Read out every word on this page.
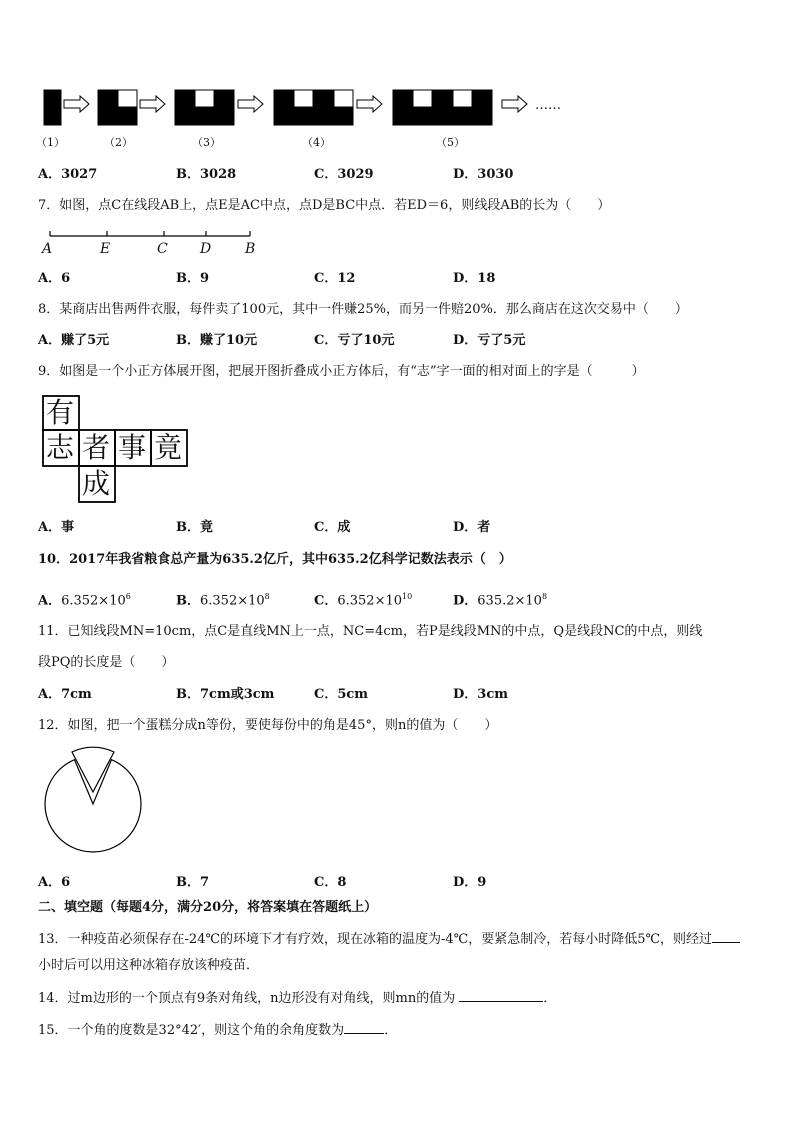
……
（1）	（2）	（3）	（4）	（5）
A．3027	B．3028	C．3029	D．3030
7．如图，点C在线段AB上，点E是AC中点，点D是BC中点．若ED＝6，则线段AB的长为（　　）
A	E	C D B
A．6	B．9	C．12	D．18
8．某商店出售两件衣服，每件卖了100元，其中一件赚25%，而另一件赔20%．那么商店在这次交易中（　　）
A．赚了5元	B．赚了10元	C．亏了10元	D．亏了5元
9．如图是一个小正方体展开图，把展开图折叠成小正方体后，有“志”字一面的相对面上的字是（　　　）
有
志 者 事 竟
成
A．事	B．竟	C．成	D．者
10．2017年我省粮食总产量为635.2亿斤，其中635.2亿科学记数法表示（　）
A．$6.352\times 10^6$	B．$6.352\times 10^8$	C．$6.352\times 10^{10}$	D．$635.2\times 10^8$
11．已知线段MN=10cm，点C是直线MN上一点，NC=4cm，若P是线段MN的中点，Q是线段NC的中点，则线
段PQ的长度是（　　）
A．7cm	B．7cm或3cm	C．5cm	D．3cm
12．如图，把一个蛋糕分成n等份，要使每份中的角是45°，则n的值为（　　）
A．6	B．7	C．8	D．9
二、填空题（每题4分，满分20分，将答案填在答题纸上）
13．一种疫苗必须保存在-24℃的环境下才有疗效，现在冰箱的温度为-4℃，要紧急制冷，若每小时降低5℃，则经过
小时后可以用这种冰箱存放该种疫苗．
14．过m边形的一个顶点有9条对角线，n边形没有对角线，则mn的值为	．
15．一个角的度数是32°42′，则这个角的余角度数为	．
